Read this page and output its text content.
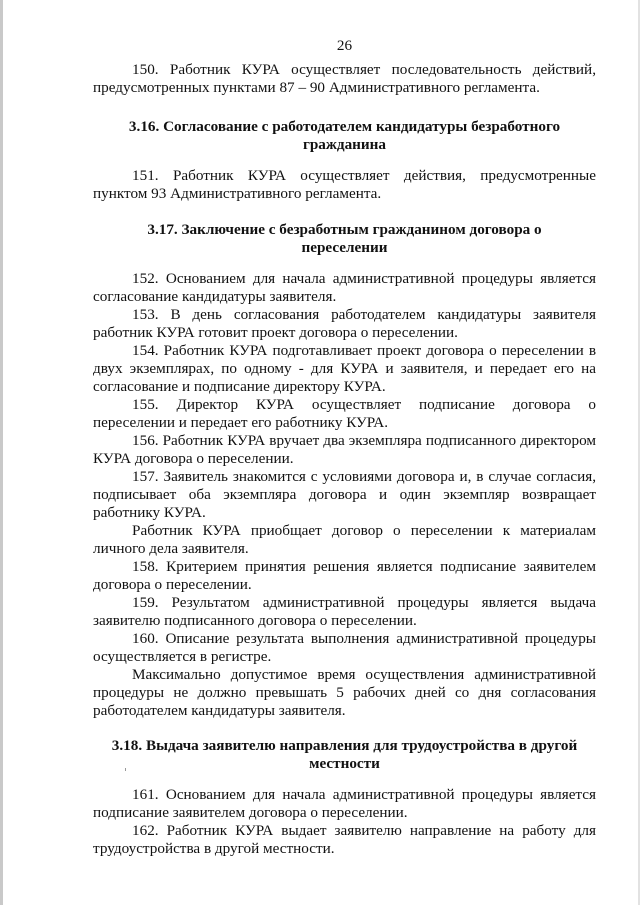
26

150. Работник КУРА осуществляет последовательность действий, предусмотренных пунктами 87 – 90 Административного регламента.

3.16. Согласование с работодателем кандидатуры безработного гражданина

151. Работник КУРА осуществляет действия, предусмотренные пунктом 93 Административного регламента.

3.17. Заключение с безработным гражданином договора о переселении

152. Основанием для начала административной процедуры является согласование кандидатуры заявителя.

153. В день согласования работодателем кандидатуры заявителя работник КУРА готовит проект договора о переселении.

154. Работник КУРА подготавливает проект договора о переселении в двух экземплярах, по одному - для КУРА и заявителя, и передает его на согласование и подписание директору КУРА.

155. Директор КУРА осуществляет подписание договора о переселении и передает его работнику КУРА.

156. Работник КУРА вручает два экземпляра подписанного директором КУРА договора о переселении.

157. Заявитель знакомится с условиями договора и, в случае согласия, подписывает оба экземпляра договора и один экземпляр возвращает работнику КУРА.

Работник КУРА приобщает договор о переселении к материалам личного дела заявителя.

158. Критерием принятия решения является подписание заявителем договора о переселении.

159. Результатом административной процедуры является выдача заявителю подписанного договора о переселении.

160. Описание результата выполнения административной процедуры осуществляется в регистре.

Максимально допустимое время осуществления административной процедуры не должно превышать 5 рабочих дней со дня согласования работодателем кандидатуры заявителя.

3.18. Выдача заявителю направления для трудоустройства в другой местности

161. Основанием для начала административной процедуры является подписание заявителем договора о переселении.

162. Работник КУРА выдает заявителю направление на работу для трудоустройства в другой местности.
